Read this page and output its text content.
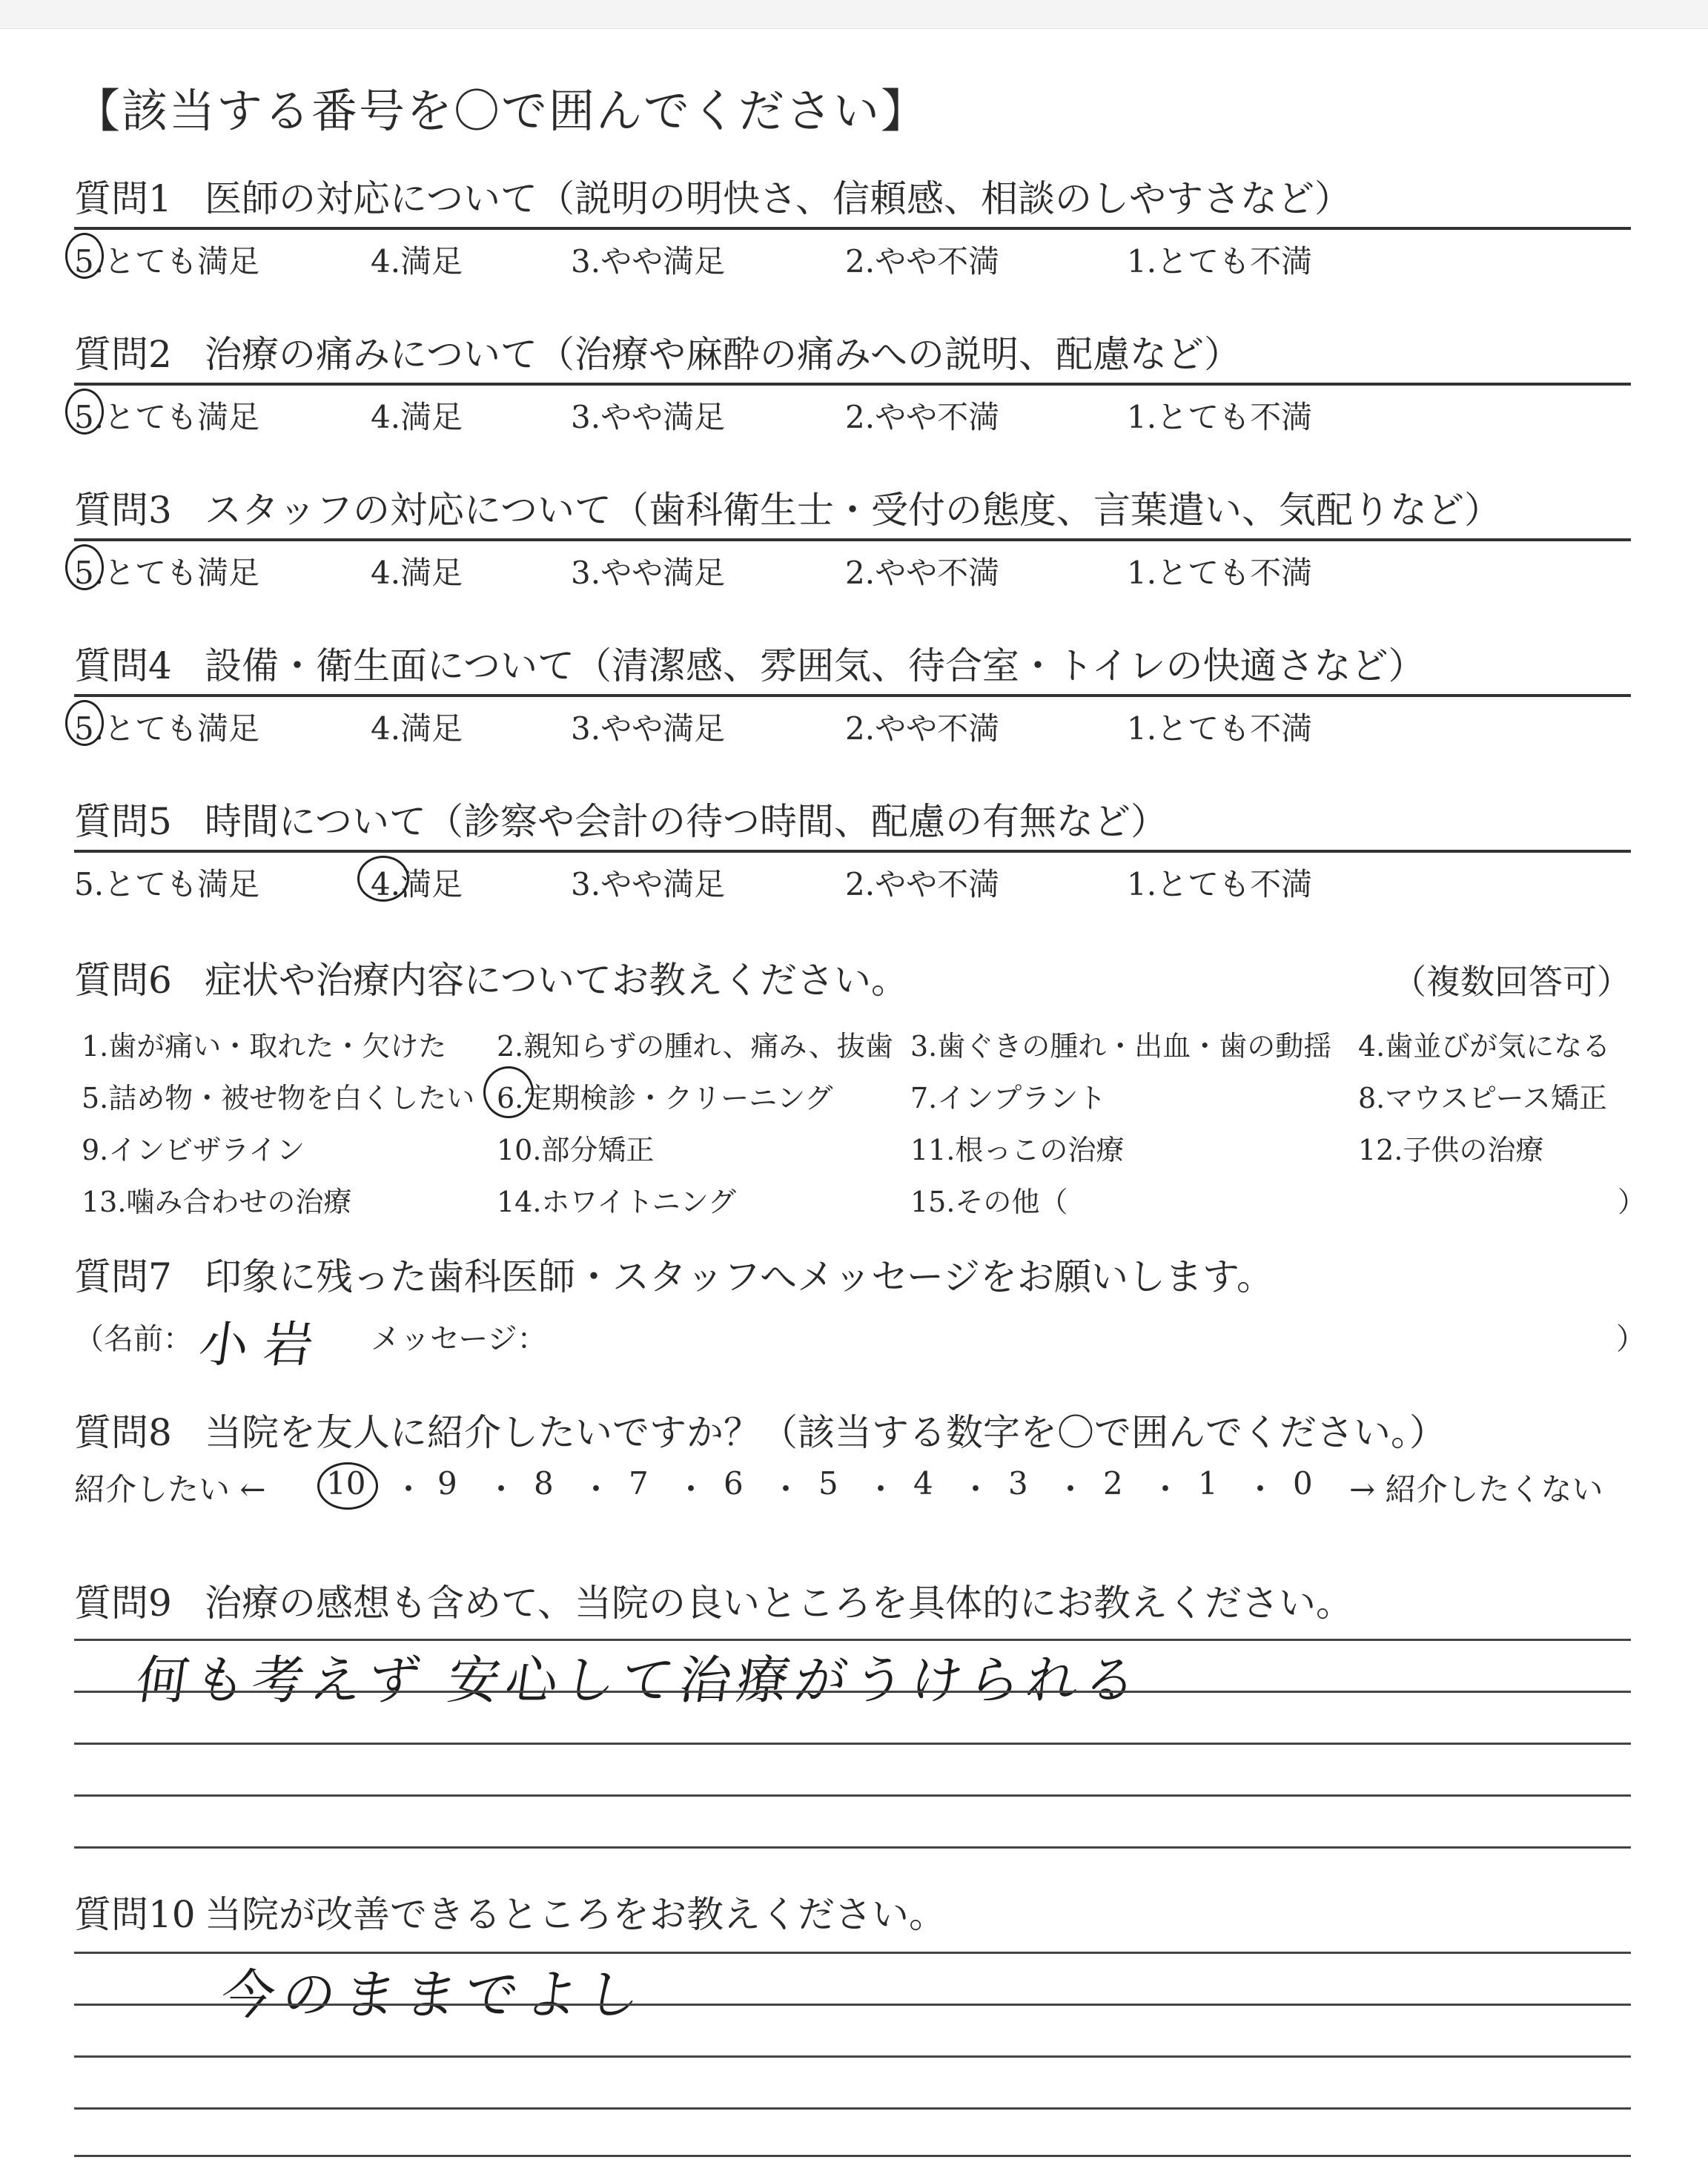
【該当する番号を〇で囲んでください】
質問1 医師の対応について（説明の明快さ、信頼感、相談のしやすさなど）
5.とても満足	4.満足	3.やや満足	2.やや不満	1.とても不満
質問2 治療の痛みについて（治療や麻酔の痛みへの説明、配慮など）
5.とても満足	4.満足	3.やや満足	2.やや不満	1.とても不満
質問3 スタッフの対応について（歯科衛生士・受付の態度、言葉遣い、気配りなど）
5.とても満足	4.満足	3.やや満足	2.やや不満	1.とても不満
質問4 設備・衛生面について（清潔感、雰囲気、待合室・トイレの快適さなど）
5.とても満足	4.満足	3.やや満足	2.やや不満	1.とても不満
質問5 時間について（診察や会計の待つ時間、配慮の有無など）
5.とても満足	4.満足	3.やや満足	2.やや不満	1.とても不満
質問6 症状や治療内容についてお教えください。	（複数回答可）
1.歯が痛い・取れた・欠けた 2.親知らずの腫れ、痛み、抜歯 3.歯ぐきの腫れ・出血・歯の動揺 4.歯並びが気になる
5.詰め物・被せ物を白くしたい 6.定期検診・クリーニング	7.インプラント	8.マウスピース矯正
9.インビザライン	10.部分矯正	11.根っこの治療	12.子供の治療
13.噛み合わせの治療	14.ホワイトニング	15.その他（	）
質問7 印象に残った歯科医師・スタッフへメッセージをお願いします。
（名前： 小 岩 メッセージ：	）
質問8 当院を友人に紹介したいですか？（該当する数字を〇で囲んでください。）
紹介したい ← 10 ・ 9 ・ 8 ・ 7 ・ 6 ・ 5 ・ 4 ・ 3 ・ 2 ・ 1 ・ 0 → 紹介したくない
質問9 治療の感想も含めて、当院の良いところを具体的にお教えください。
何も考えず 安心して治療がうけられる
質問10 当院が改善できるところをお教えください。
今のままでよし
